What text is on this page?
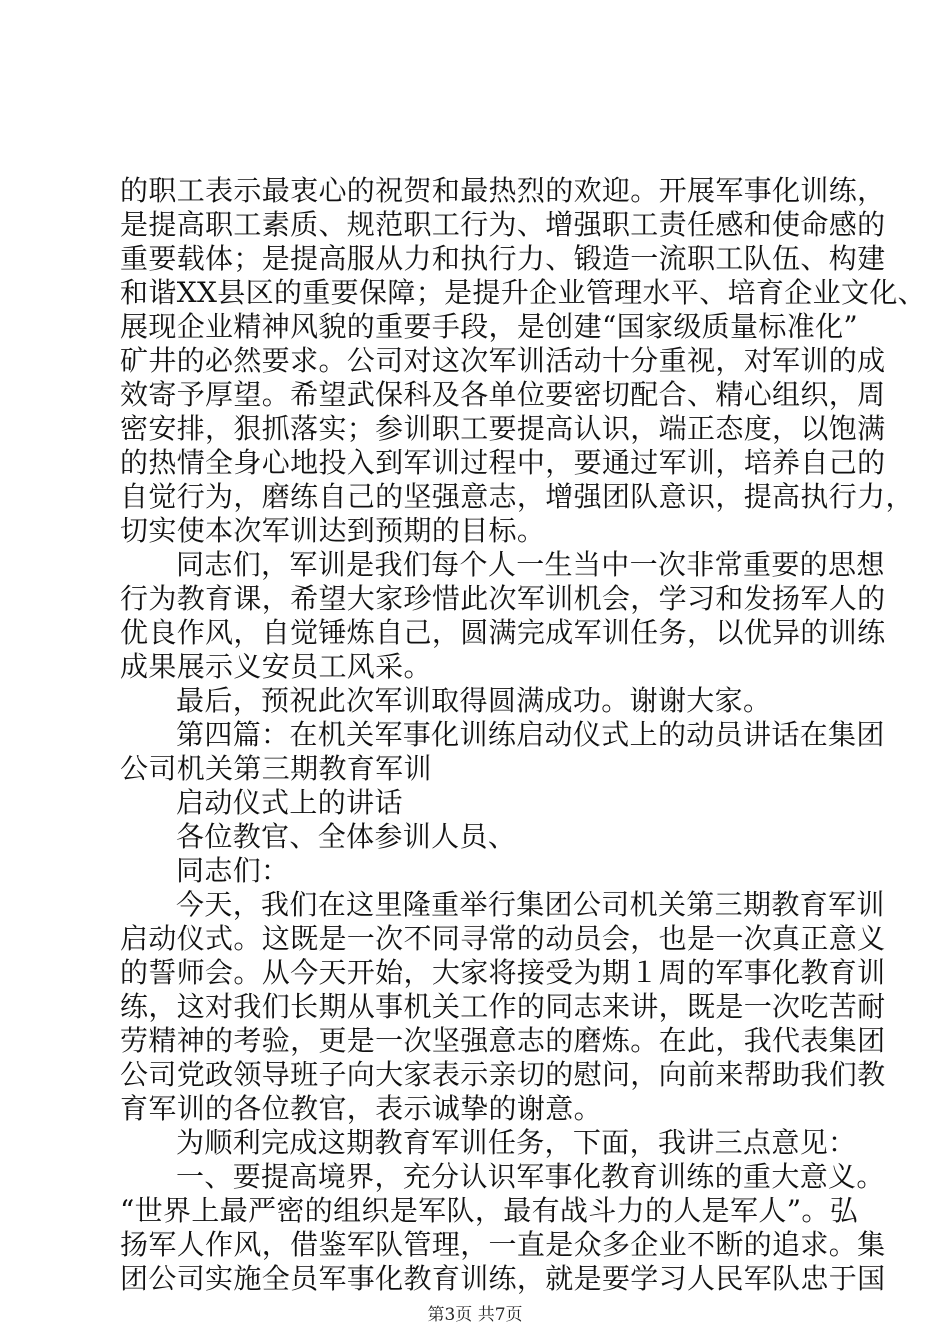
的职工表示最衷心的祝贺和最热烈的欢迎。开展军事化训练，
是提高职工素质、规范职工行为、增强职工责任感和使命感的
重要载体；是提高服从力和执行力、锻造一流职工队伍、构建
和谐XX县区的重要保障；是提升企业管理水平、培育企业文化、
展现企业精神风貌的重要手段，是创建“国家级质量标准化”
矿井的必然要求。公司对这次军训活动十分重视，对军训的成
效寄予厚望。希望武保科及各单位要密切配合、精心组织，周
密安排，狠抓落实；参训职工要提高认识，端正态度，以饱满
的热情全身心地投入到军训过程中，要通过军训，培养自己的
自觉行为，磨练自己的坚强意志，增强团队意识，提高执行力，
切实使本次军训达到预期的目标。
同志们，军训是我们每个人一生当中一次非常重要的思想
行为教育课，希望大家珍惜此次军训机会，学习和发扬军人的
优良作风，自觉锤炼自己，圆满完成军训任务，以优异的训练
成果展示义安员工风采。
最后，预祝此次军训取得圆满成功。谢谢大家。
第四篇：在机关军事化训练启动仪式上的动员讲话在集团
公司机关第三期教育军训
启动仪式上的讲话
各位教官、全体参训人员、
同志们：
今天，我们在这里隆重举行集团公司机关第三期教育军训
启动仪式。这既是一次不同寻常的动员会，也是一次真正意义
的誓师会。从今天开始，大家将接受为期１周的军事化教育训
练，这对我们长期从事机关工作的同志来讲，既是一次吃苦耐
劳精神的考验，更是一次坚强意志的磨炼。在此，我代表集团
公司党政领导班子向大家表示亲切的慰问，向前来帮助我们教
育军训的各位教官，表示诚挚的谢意。
为顺利完成这期教育军训任务，下面，我讲三点意见：
一、要提高境界，充分认识军事化教育训练的重大意义。
“世界上最严密的组织是军队，最有战斗力的人是军人”。弘
扬军人作风，借鉴军队管理，一直是众多企业不断的追求。集
团公司实施全员军事化教育训练，就是要学习人民军队忠于国
第3页 共7页
